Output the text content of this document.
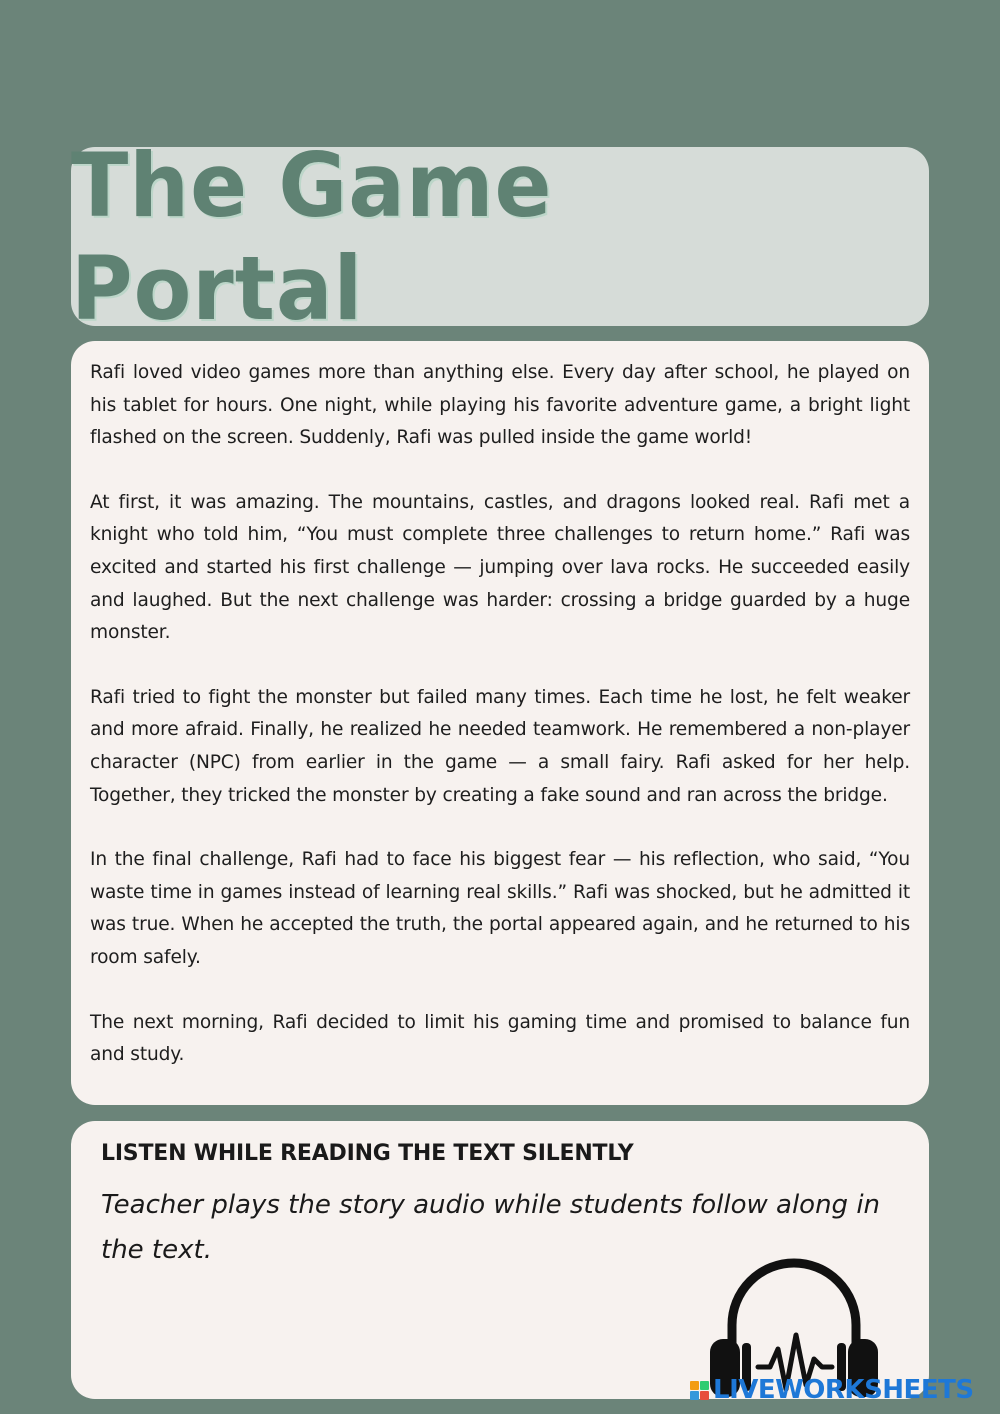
The Game Portal

Rafi loved video games more than anything else. Every day after school, he played on his tablet for hours. One night, while playing his favorite adventure game, a bright light flashed on the screen. Suddenly, Rafi was pulled inside the game world!

At first, it was amazing. The mountains, castles, and dragons looked real. Rafi met a knight who told him, “You must complete three challenges to return home.” Rafi was excited and started his first challenge — jumping over lava rocks. He succeeded easily and laughed. But the next challenge was harder: crossing a bridge guarded by a huge monster.

Rafi tried to fight the monster but failed many times. Each time he lost, he felt weaker and more afraid. Finally, he realized he needed teamwork. He remembered a non-player character (NPC) from earlier in the game — a small fairy. Rafi asked for her help. Together, they tricked the monster by creating a fake sound and ran across the bridge.

In the final challenge, Rafi had to face his biggest fear — his reflection, who said, “You waste time in games instead of learning real skills.” Rafi was shocked, but he admitted it was true. When he accepted the truth, the portal appeared again, and he returned to his room safely.

The next morning, Rafi decided to limit his gaming time and promised to balance fun and study.

LISTEN WHILE READING THE TEXT SILENTLY
Teacher plays the story audio while students follow along in the text.
LIVEWORKSHEETS
